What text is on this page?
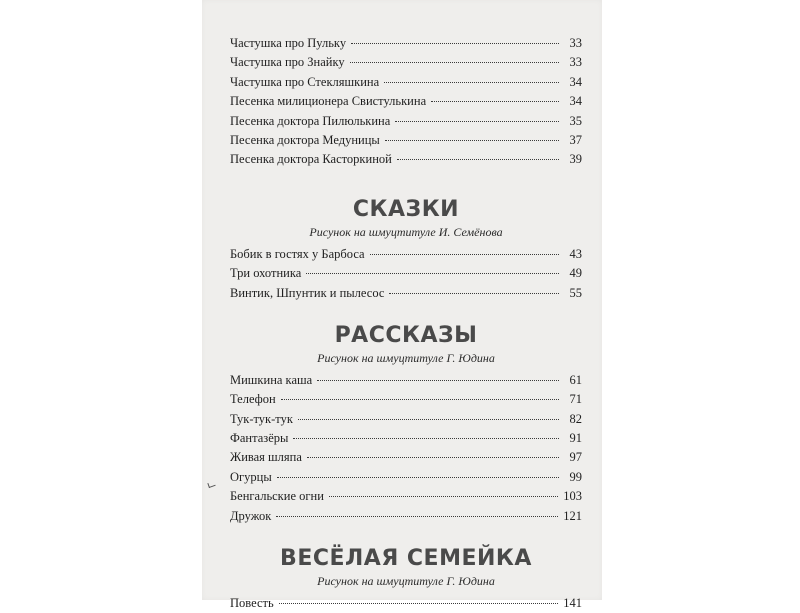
Частушка про Пульку	33
Частушка про Знайку	33
Частушка про Стекляшкина	34
Песенка милиционера Свистулькина	34
Песенка доктора Пилюлькина	35
Песенка доктора Медуницы	37
Песенка доктора Касторкиной	39
СКАЗКИ

Рисунок на шмуцтитуле И. Семёнова

Бобик в гостях у Барбоса	43
Три охотника	49
Винтик, Шпунтик и пылесос	55
РАССКАЗЫ

Рисунок на шмуцтитуле Г. Юдина

Мишкина каша	61
Телефон	71
Тук-тук-тук	82
Фантазёры	91
Живая шляпа	97
Огурцы	99
Бенгальские огни	103
Дружок	121
ВЕСЁЛАЯ СЕМЕЙКА

Рисунок на шмуцтитуле Г. Юдина

Повесть	141
